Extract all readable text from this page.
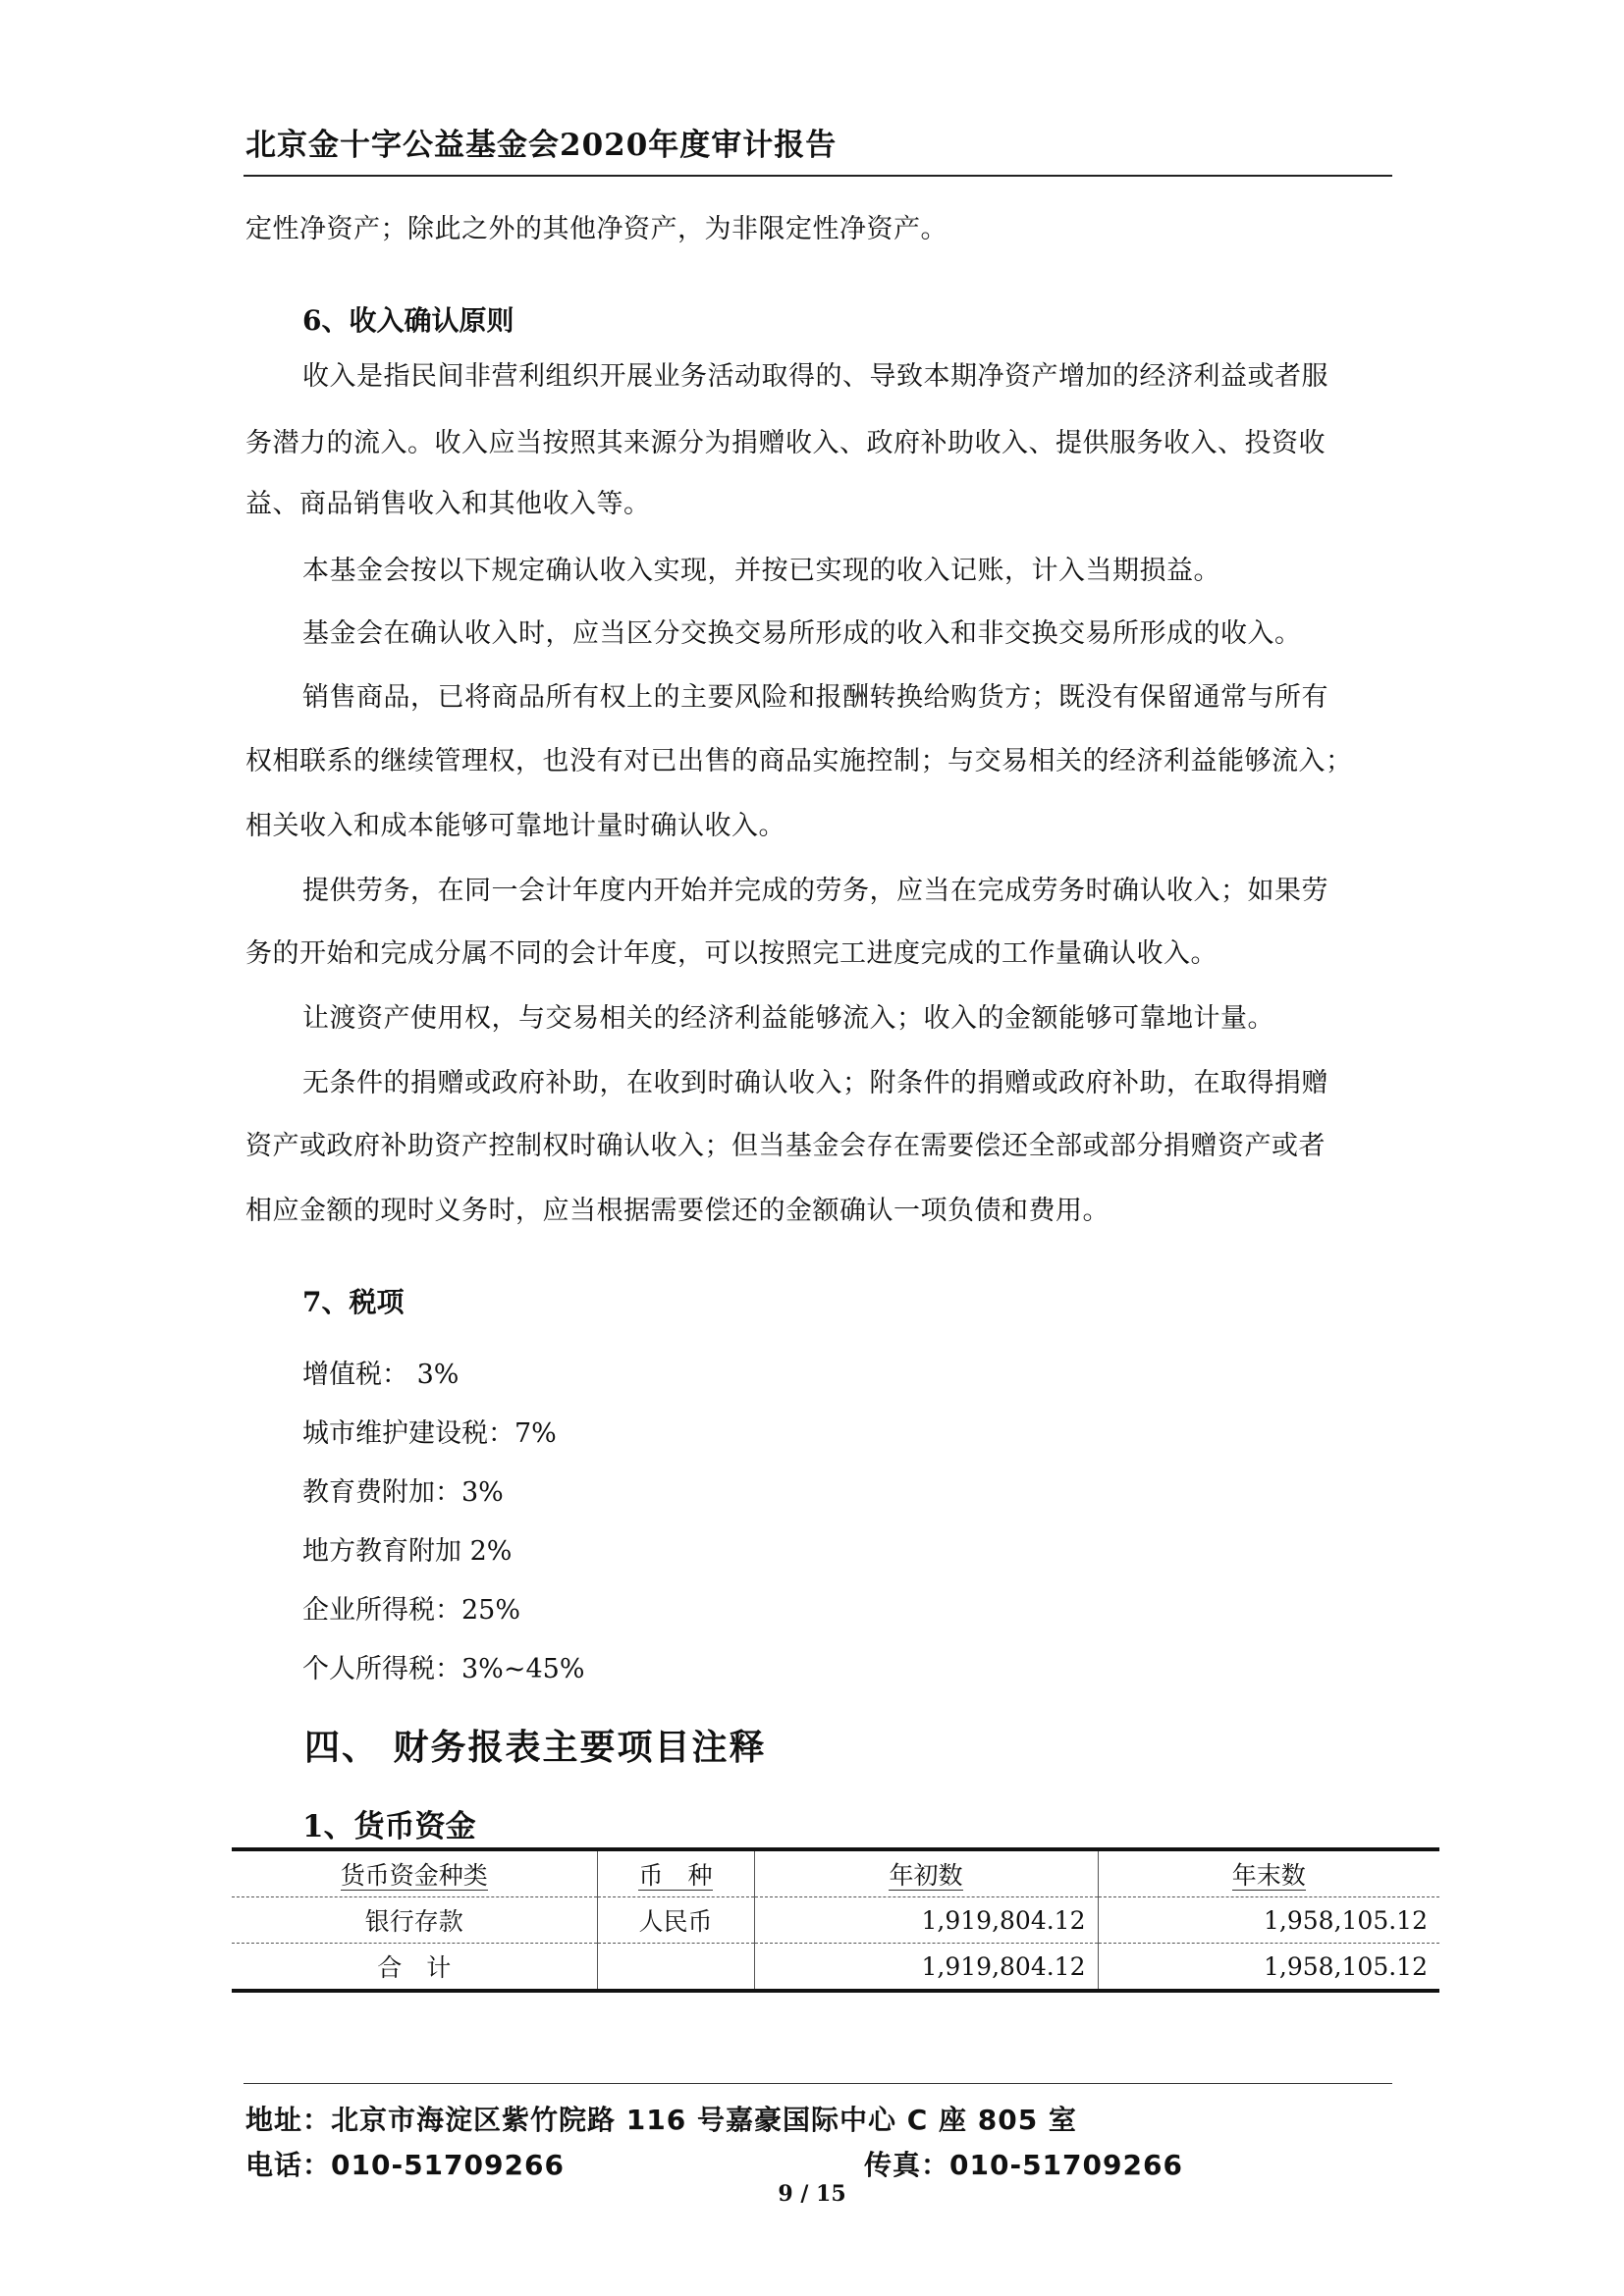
北京金十字公益基金会2020年度审计报告
定性净资产；除此之外的其他净资产，为非限定性净资产。
6、收入确认原则
收入是指民间非营利组织开展业务活动取得的、导致本期净资产增加的经济利益或者服
务潜力的流入。收入应当按照其来源分为捐赠收入、政府补助收入、提供服务收入、投资收
益、商品销售收入和其他收入等。
本基金会按以下规定确认收入实现，并按已实现的收入记账，计入当期损益。
基金会在确认收入时，应当区分交换交易所形成的收入和非交换交易所形成的收入。
销售商品，已将商品所有权上的主要风险和报酬转换给购货方；既没有保留通常与所有
权相联系的继续管理权，也没有对已出售的商品实施控制；与交易相关的经济利益能够流入；
相关收入和成本能够可靠地计量时确认收入。
提供劳务，在同一会计年度内开始并完成的劳务，应当在完成劳务时确认收入；如果劳
务的开始和完成分属不同的会计年度，可以按照完工进度完成的工作量确认收入。
让渡资产使用权，与交易相关的经济利益能够流入；收入的金额能够可靠地计量。
无条件的捐赠或政府补助，在收到时确认收入；附条件的捐赠或政府补助，在取得捐赠
资产或政府补助资产控制权时确认收入；但当基金会存在需要偿还全部或部分捐赠资产或者
相应金额的现时义务时，应当根据需要偿还的金额确认一项负债和费用。
7、税项
增值税： 3%
城市维护建设税：7%
教育费附加：3%
地方教育附加 2%
企业所得税：25%
个人所得税：3%~45%
四、 财务报表主要项目注释
1、货币资金
货币资金种类	币　种	年初数	年末数
银行存款	人民币	1,919,804.12	1,958,105.12
合　计		1,919,804.12	1,958,105.12
地址：北京市海淀区紫竹院路 116 号嘉豪国际中心 C 座 805 室
电话：010-51709266	传真：010-51709266
9 / 15
